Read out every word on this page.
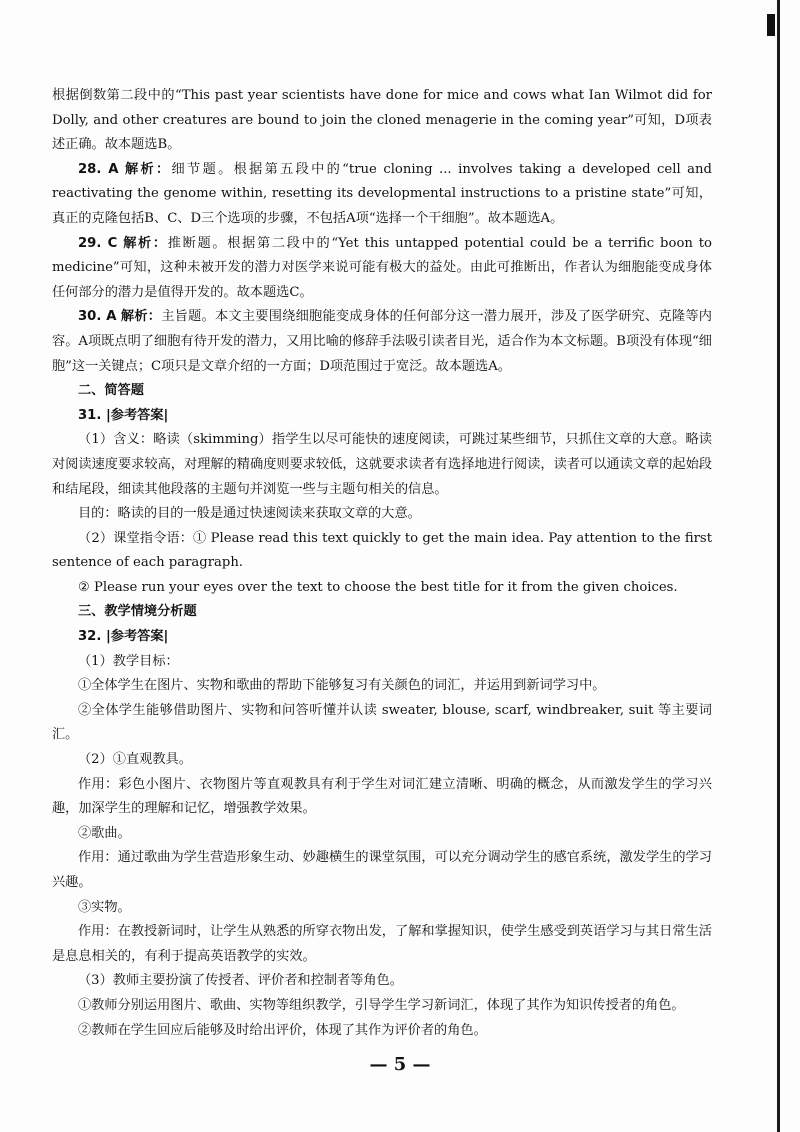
根据倒数第二段中的“This past year scientists have done for mice and cows what Ian Wilmot did for Dolly, and other creatures are bound to join the cloned menagerie in the coming year”可知，D项表述正确。故本题选B。

28. A 解析：细节题。根据第五段中的“true cloning ... involves taking a developed cell and reactivating the genome within, resetting its developmental instructions to a pristine state”可知，真正的克隆包括B、C、D三个选项的步骤，不包括A项“选择一个干细胞”。故本题选A。

29. C 解析：推断题。根据第二段中的“Yet this untapped potential could be a terrific boon to medicine”可知，这种未被开发的潜力对医学来说可能有极大的益处。由此可推断出，作者认为细胞能变成身体任何部分的潜力是值得开发的。故本题选C。

30. A 解析：主旨题。本文主要围绕细胞能变成身体的任何部分这一潜力展开，涉及了医学研究、克隆等内容。A项既点明了细胞有待开发的潜力，又用比喻的修辞手法吸引读者目光，适合作为本文标题。B项没有体现“细胞”这一关键点；C项只是文章介绍的一方面；D项范围过于宽泛。故本题选A。

二、简答题

31. |参考答案|

（1）含义：略读（skimming）指学生以尽可能快的速度阅读，可跳过某些细节，只抓住文章的大意。略读对阅读速度要求较高，对理解的精确度则要求较低，这就要求读者有选择地进行阅读，读者可以通读文章的起始段和结尾段，细读其他段落的主题句并浏览一些与主题句相关的信息。

目的：略读的目的一般是通过快速阅读来获取文章的大意。

（2）课堂指令语：① Please read this text quickly to get the main idea. Pay attention to the first sentence of each paragraph.

② Please run your eyes over the text to choose the best title for it from the given choices.

三、教学情境分析题

32. |参考答案|

（1）教学目标：

①全体学生在图片、实物和歌曲的帮助下能够复习有关颜色的词汇，并运用到新词学习中。

②全体学生能够借助图片、实物和问答听懂并认读 sweater, blouse, scarf, windbreaker, suit 等主要词汇。

（2）①直观教具。

作用：彩色小图片、衣物图片等直观教具有利于学生对词汇建立清晰、明确的概念，从而激发学生的学习兴趣，加深学生的理解和记忆，增强教学效果。

②歌曲。

作用：通过歌曲为学生营造形象生动、妙趣横生的课堂氛围，可以充分调动学生的感官系统，激发学生的学习兴趣。

③实物。

作用：在教授新词时，让学生从熟悉的所穿衣物出发，了解和掌握知识，使学生感受到英语学习与其日常生活是息息相关的，有利于提高英语教学的实效。

（3）教师主要扮演了传授者、评价者和控制者等角色。

①教师分别运用图片、歌曲、实物等组织教学，引导学生学习新词汇，体现了其作为知识传授者的角色。

②教师在学生回应后能够及时给出评价，体现了其作为评价者的角色。

— 5 —
